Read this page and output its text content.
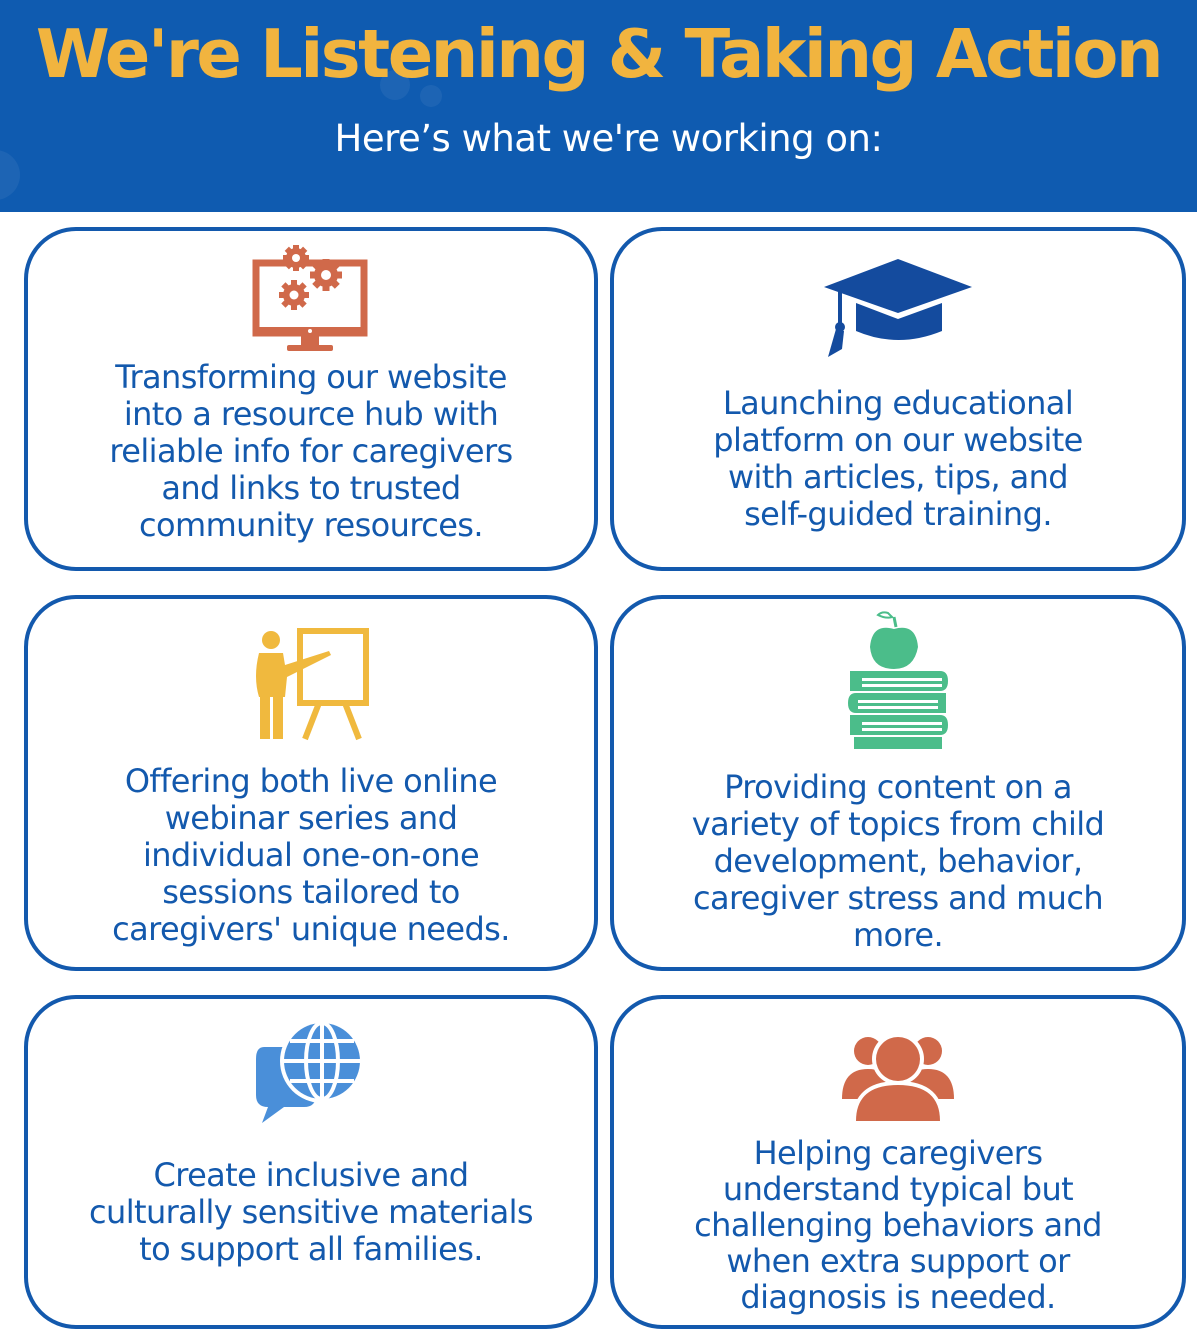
We're Listening & Taking Action
Here’s what we're working on:
Transforming our website
into a resource hub with
reliable info for caregivers
and links to trusted
community resources.
Launching educational
platform on our website
with articles, tips, and
self-guided training.
Offering both live online
webinar series and
individual one-on-one
sessions tailored to
caregivers' unique needs.
Providing content on a
variety of topics from child
development, behavior,
caregiver stress and much
more.
Create inclusive and
culturally sensitive materials
to support all families.
Helping caregivers
understand typical but
challenging behaviors and
when extra support or
diagnosis is needed.
